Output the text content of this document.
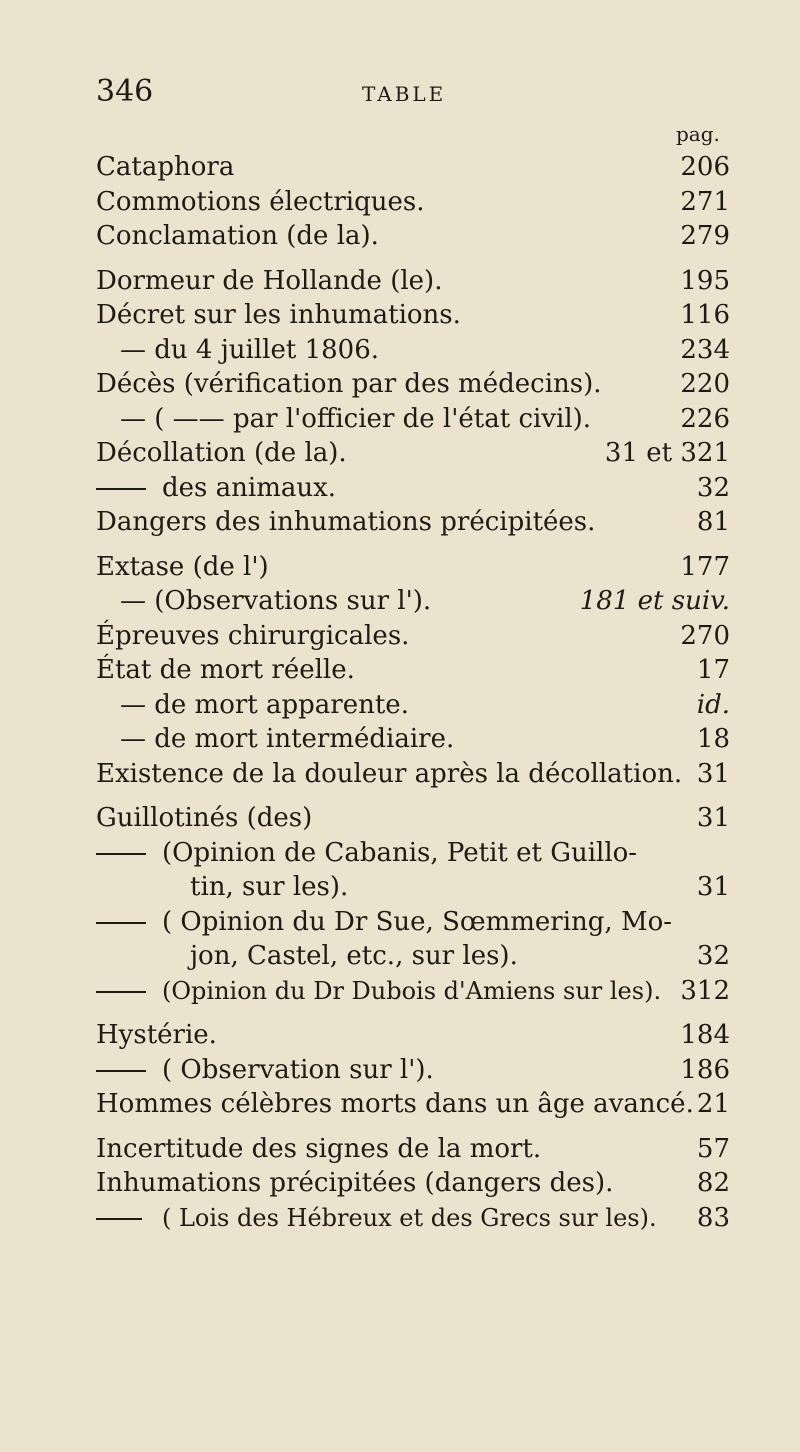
346	TABLE
pag.
Cataphora	206
Commotions électriques.	271
Conclamation (de la).	279
Dormeur de Hollande (le).	195
Décret sur les inhumations.	116
— du 4 juillet 1806.	234
Décès (vérification par des médecins).	220
— ( —— par l'officier de l'état civil).	226
Décollation (de la).	31 et 321
des animaux.	32
Dangers des inhumations précipitées.	81
Extase (de l')	177
— (Observations sur l').	181 et suiv.
Épreuves chirurgicales.	270
État de mort réelle.	17
— de mort apparente.	id.
— de mort intermédiaire.	18
Existence de la douleur après la décollation. 31
Guillotinés (des)	31
(Opinion de Cabanis, Petit et Guillo-
tin, sur les).	31
( Opinion du Dr Sue, Sœmmering, Mo-
jon, Castel, etc., sur les).	32
(Opinion du Dr Dubois d'Amiens sur les). 312
Hystérie.	184
( Observation sur l').	186
Hommes célèbres morts dans un âge avancé. 21
Incertitude des signes de la mort.	57
Inhumations précipitées (dangers des).	82
( Lois des Hébreux et des Grecs sur les). 83
